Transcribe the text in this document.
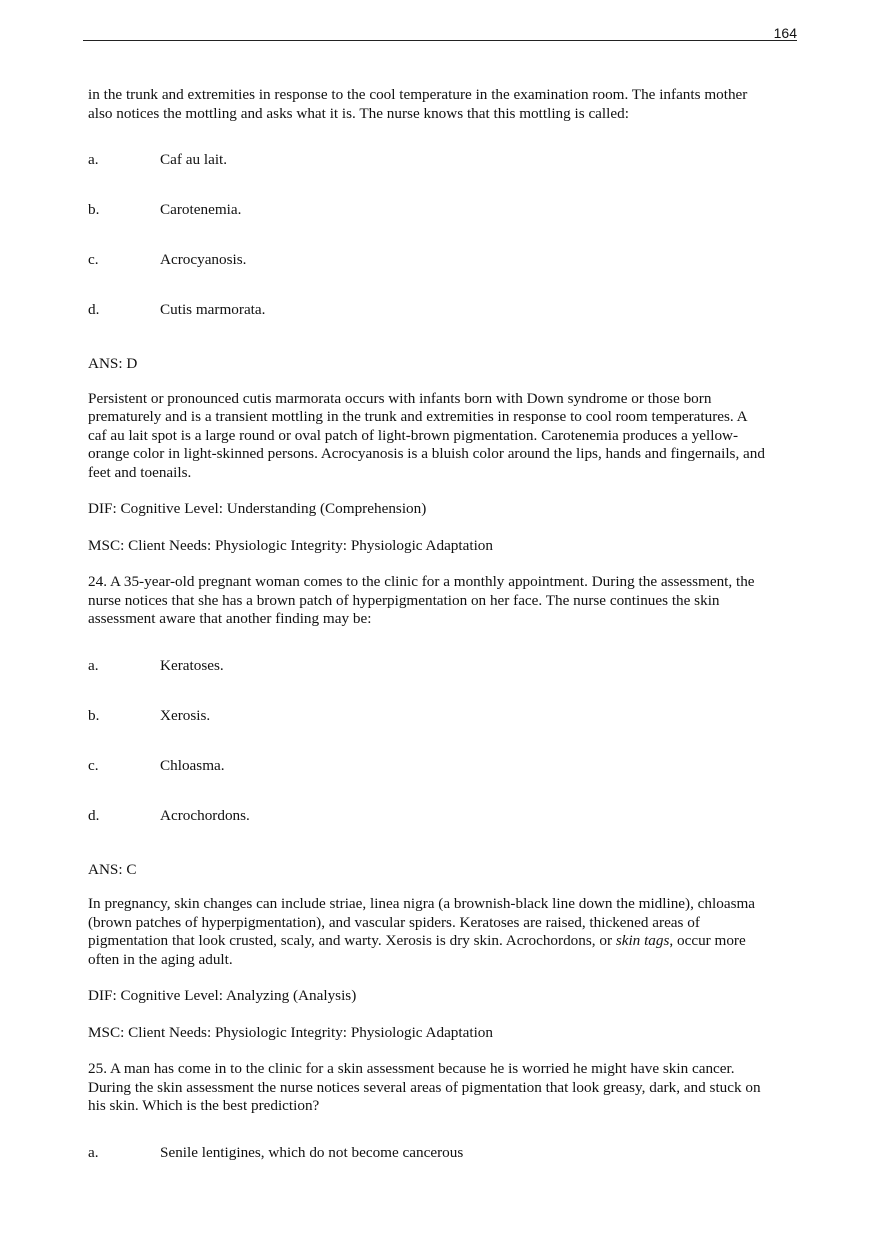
164

in the trunk and extremities in response to the cool temperature in the examination room. The infants mother

also notices the mottling and asks what it is. The nurse knows that this mottling is called:

a.	Caf au lait.
b.	Carotenemia.
c.	Acrocyanosis.
d.	Cutis marmorata.

ANS: D

Persistent or pronounced cutis marmorata occurs with infants born with Down syndrome or those born

prematurely and is a transient mottling in the trunk and extremities in response to cool room temperatures. A

caf au lait spot is a large round or oval patch of light-brown pigmentation. Carotenemia produces a yellow-

orange color in light-skinned persons. Acrocyanosis is a bluish color around the lips, hands and fingernails, and

feet and toenails.

DIF: Cognitive Level: Understanding (Comprehension)

MSC: Client Needs: Physiologic Integrity: Physiologic Adaptation

24. A 35-year-old pregnant woman comes to the clinic for a monthly appointment. During the assessment, the

nurse notices that she has a brown patch of hyperpigmentation on her face. The nurse continues the skin

assessment aware that another finding may be:

a.	Keratoses.
b.	Xerosis.
c.	Chloasma.
d.	Acrochordons.

ANS: C

In pregnancy, skin changes can include striae, linea nigra (a brownish-black line down the midline), chloasma

(brown patches of hyperpigmentation), and vascular spiders. Keratoses are raised, thickened areas of

pigmentation that look crusted, scaly, and warty. Xerosis is dry skin. Acrochordons, or skin tags, occur more

often in the aging adult.

DIF: Cognitive Level: Analyzing (Analysis)

MSC: Client Needs: Physiologic Integrity: Physiologic Adaptation

25. A man has come in to the clinic for a skin assessment because he is worried he might have skin cancer.

During the skin assessment the nurse notices several areas of pigmentation that look greasy, dark, and stuck on

his skin. Which is the best prediction?

a.	Senile lentigines, which do not become cancerous
